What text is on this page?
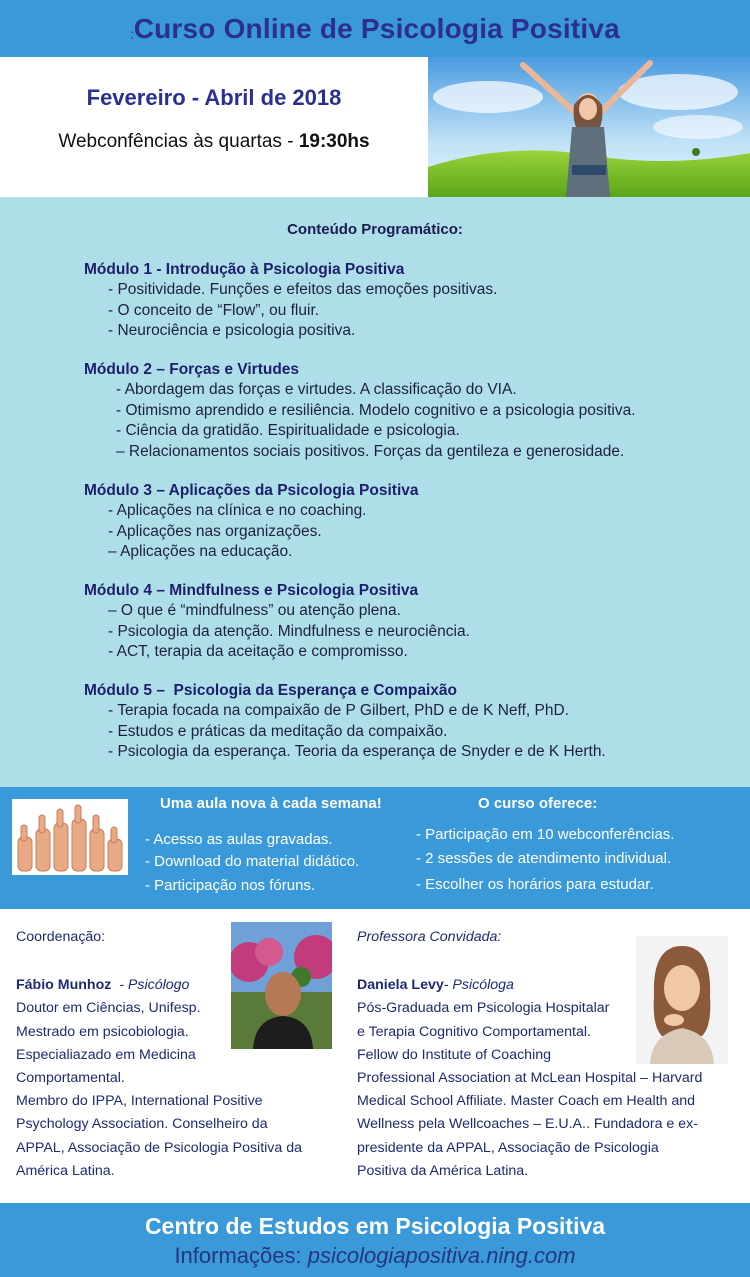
:Curso Online de Psicologia Positiva
Fevereiro - Abril de 2018
Webconfências às quartas - 19:30hs
Conteúdo Programático:
Módulo 1 - Introdução à Psicologia Positiva
- Positividade. Funções e efeitos das emoções positivas.
- O conceito de “Flow”, ou fluir.
- Neurociência e psicologia positiva.
Módulo 2 – Forças e Virtudes
- Abordagem das forças e virtudes. A classificação do VIA.
- Otimismo aprendido e resiliência. Modelo cognitivo e a psicologia positiva.
- Ciência da gratidão. Espiritualidade e psicologia.
– Relacionamentos sociais positivos. Forças da gentileza e generosidade.
Módulo 3 – Aplicações da Psicologia Positiva
- Aplicações na clínica e no coaching.
- Aplicações nas organizações.
– Aplicações na educação.
Módulo 4 – Mindfulness e Psicologia Positiva
– O que é “mindfulness” ou atenção plena.
- Psicologia da atenção. Mindfulness e neurociência.
- ACT, terapia da aceitação e compromisso.
Módulo 5 –  Psicologia da Esperança e Compaixão
- Terapia focada na compaixão de P Gilbert, PhD e de K Neff, PhD.
- Estudos e práticas da meditação da compaixão.
- Psicologia da esperança. Teoria da esperança de Snyder e de K Herth.
Uma aula nova à cada semana!
- Acesso as aulas gravadas.
- Download do material didático.
- Participação nos fóruns.
O curso oferece:
- Participação em 10 webconferências.
- 2 sessões de atendimento individual.
- Escolher os horários para estudar.
Coordenação:
Fábio Munhoz  - Psicólogo
Doutor em Ciências, Unifesp.
Mestrado em psicobiologia.
Especialiazado em Medicina
Comportamental.
Membro do IPPA, International Positive
Psychology Association. Conselheiro da
APPAL, Associação de Psicologia Positiva da
América Latina.
Professora Convidada:
Daniela Levy- Psicóloga
Pós-Graduada em Psicologia Hospitalar
e Terapia Cognitivo Comportamental.
Fellow do Institute of Coaching
Professional Association at McLean Hospital – Harvard
Medical School Affiliate. Master Coach em Health and
Wellness pela Wellcoaches – E.U.A.. Fundadora e ex-
presidente da APPAL, Associação de Psicologia
Positiva da América Latina.
Centro de Estudos em Psicologia Positiva
Informações: psicologiapositiva.ning.com
